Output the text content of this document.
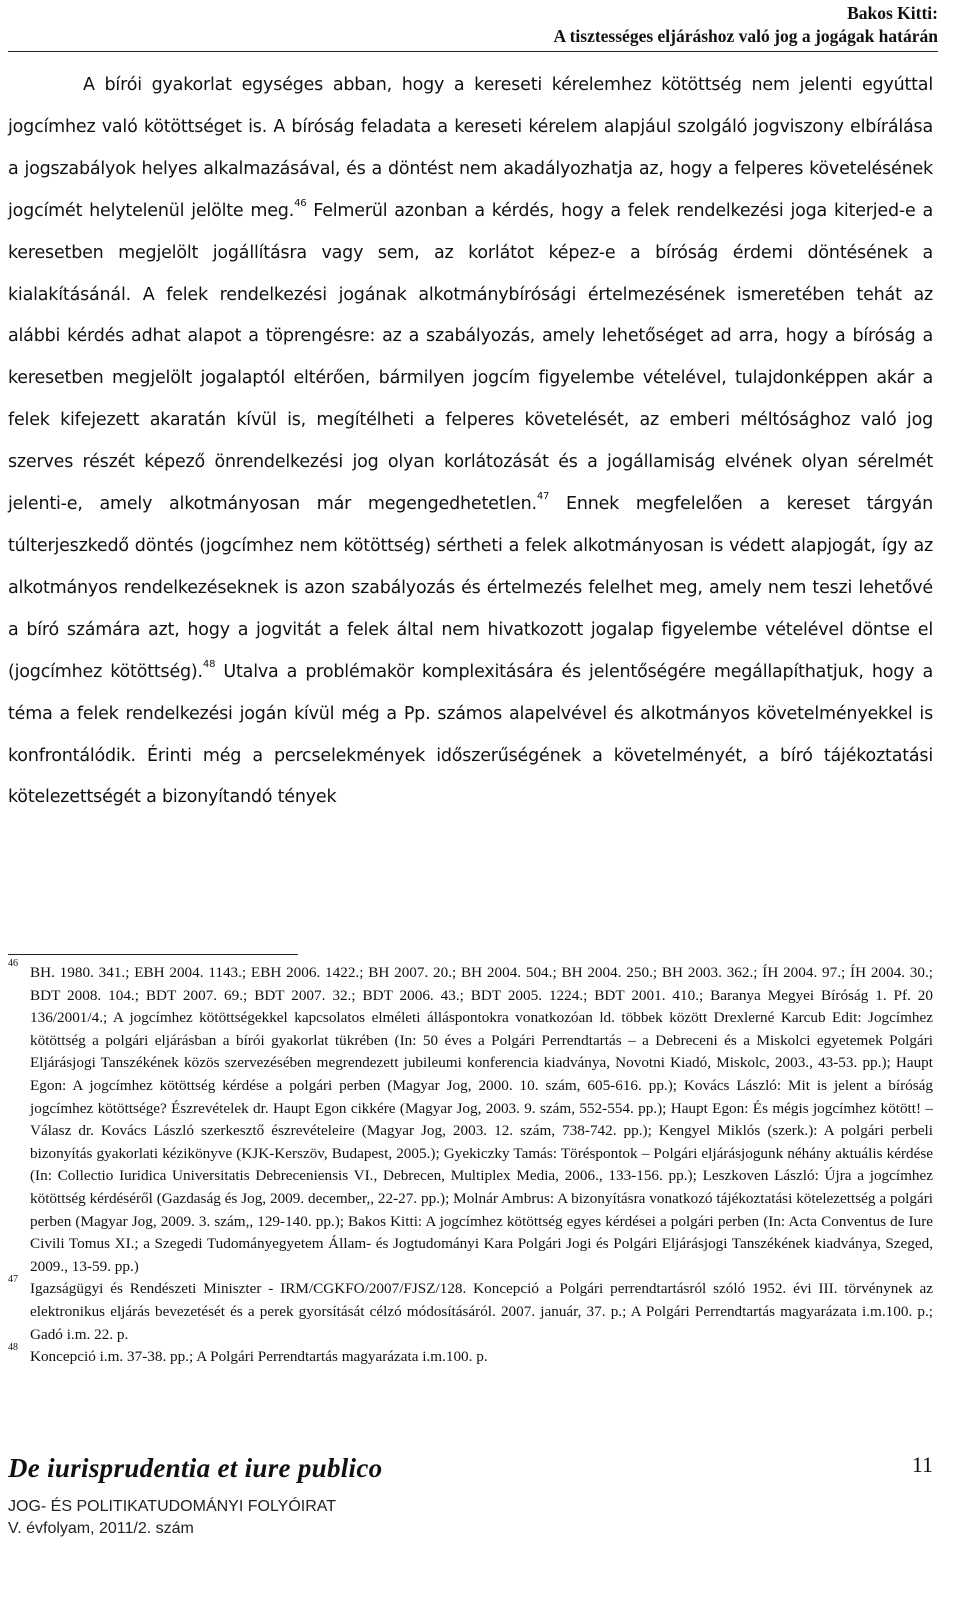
Bakos Kitti:
A tisztességes eljáráshoz való jog a jogágak határán

A bírói gyakorlat egységes abban, hogy a kereseti kérelemhez kötöttség nem jelenti egyúttal jogcímhez való kötöttséget is. A bíróság feladata a kereseti kérelem alapjául szolgáló jogviszony elbírálása a jogszabályok helyes alkalmazásával, és a döntést nem akadályozhatja az, hogy a felperes követelésének jogcímét helytelenül jelölte meg.$^{46}$ Felmerül azonban a kérdés, hogy a felek rendelkezési joga kiterjed-e a keresetben megjelölt jogállításra vagy sem, az korlátot képez-e a bíróság érdemi döntésének a kialakításánál. A felek rendelkezési jogának alkotmánybírósági értelmezésének ismeretében tehát az alábbi kérdés adhat alapot a töprengésre: az a szabályozás, amely lehetőséget ad arra, hogy a bíróság a keresetben megjelölt jogalaptól eltérően, bármilyen jogcím figyelembe vételével, tulajdonképpen akár a felek kifejezett akaratán kívül is, megítélheti a felperes követelését, az emberi méltósághoz való jog szerves részét képező önrendelkezési jog olyan korlátozását és a jogállamiság elvének olyan sérelmét jelenti-e, amely alkotmányosan már megengedhetetlen.$^{47}$ Ennek megfelelően a kereset tárgyán túlterjeszkedő döntés (jogcímhez nem kötöttség) sértheti a felek alkotmányosan is védett alapjogát, így az alkotmányos rendelkezéseknek is azon szabályozás és értelmezés felelhet meg, amely nem teszi lehetővé a bíró számára azt, hogy a jogvitát a felek által nem hivatkozott jogalap figyelembe vételével döntse el (jogcímhez kötöttség).$^{48}$ Utalva a problémakör komplexitására és jelentőségére megállapíthatjuk, hogy a téma a felek rendelkezési jogán kívül még a Pp. számos alapelvével és alkotmányos követelményekkel is konfrontálódik. Érinti még a percselekmények időszerűségének a követelményét, a bíró tájékoztatási kötelezettségét a bizonyítandó tények

46
BH. 1980. 341.; EBH 2004. 1143.; EBH 2006. 1422.; BH 2007. 20.; BH 2004. 504.; BH 2004. 250.; BH 2003. 362.; ÍH 2004. 97.; ÍH 2004. 30.; BDT 2008. 104.; BDT 2007. 69.; BDT 2007. 32.; BDT 2006. 43.; BDT 2005. 1224.; BDT 2001. 410.; Baranya Megyei Bíróság 1. Pf. 20 136/2001/4.; A jogcímhez kötöttségekkel kapcsolatos elméleti álláspontokra vonatkozóan ld. többek között Drexlerné Karcub Edit: Jogcímhez kötöttség a polgári eljárásban a bírói gyakorlat tükrében (In: 50 éves a Polgári Perrendtartás – a Debreceni és a Miskolci egyetemek Polgári Eljárásjogi Tanszékének közös szervezésében megrendezett jubileumi konferencia kiadványa, Novotni Kiadó, Miskolc, 2003., 43-53. pp.); Haupt Egon: A jogcímhez kötöttség kérdése a polgári perben (Magyar Jog, 2000. 10. szám, 605-616. pp.); Kovács László: Mit is jelent a bíróság jogcímhez kötöttsége? Észrevételek dr. Haupt Egon cikkére (Magyar Jog, 2003. 9. szám, 552-554. pp.); Haupt Egon: És mégis jogcímhez kötött! – Válasz dr. Kovács László szerkesztő észrevételeire (Magyar Jog, 2003. 12. szám, 738-742. pp.); Kengyel Miklós (szerk.): A polgári perbeli bizonyítás gyakorlati kézikönyve (KJK-Kerszöv, Budapest, 2005.); Gyekiczky Tamás: Töréspontok – Polgári eljárásjogunk néhány aktuális kérdése (In: Collectio Iuridica Universitatis Debreceniensis VI., Debrecen, Multiplex Media, 2006., 133-156. pp.); Leszkoven László: Újra a jogcímhez kötöttség kérdéséről (Gazdaság és Jog, 2009. december,, 22-27. pp.); Molnár Ambrus: A bizonyításra vonatkozó tájékoztatási kötelezettség a polgári perben (Magyar Jog, 2009. 3. szám,, 129-140. pp.); Bakos Kitti: A jogcímhez kötöttség egyes kérdései a polgári perben (In: Acta Conventus de Iure Civili Tomus XI.; a Szegedi Tudományegyetem Állam- és Jogtudományi Kara Polgári Jogi és Polgári Eljárásjogi Tanszékének kiadványa, Szeged, 2009., 13-59. pp.)
47
Igazságügyi és Rendészeti Miniszter - IRM/CGKFO/2007/FJSZ/128. Koncepció a Polgári perrendtartásról szóló 1952. évi III. törvénynek az elektronikus eljárás bevezetését és a perek gyorsítását célzó módosításáról. 2007. január, 37. p.; A Polgári Perrendtartás magyarázata i.m.100. p.; Gadó i.m. 22. p.
48
Koncepció i.m. 37-38. pp.; A Polgári Perrendtartás magyarázata i.m.100. p.
De iurisprudentia et iure publico	11
JOG- ÉS POLITIKATUDOMÁNYI FOLYÓIRAT
V. évfolyam, 2011/2. szám
